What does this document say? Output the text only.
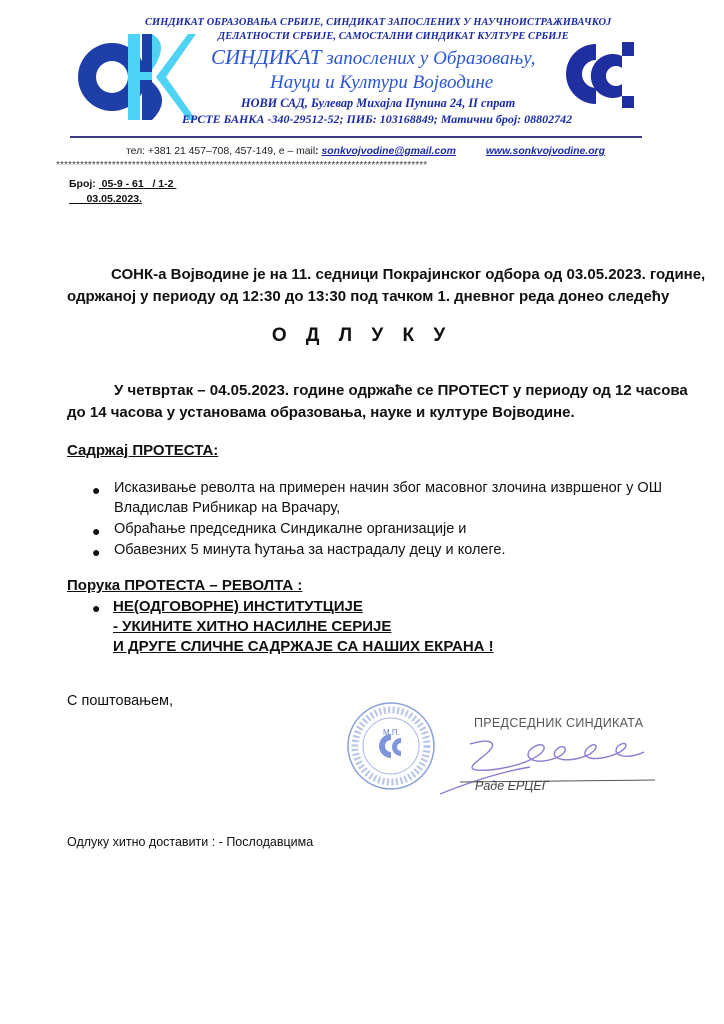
СИНДИКАТ ОБРАЗОВАЊА СРБИЈЕ, СИНДИКАТ ЗАПОСЛЕНИХ У НАУЧНОИСТРАЖИВАЧКОЈ
ДЕЛАТНОСТИ СРБИЈЕ, САМОСТАЛНИ СИНДИКАТ КУЛТУРЕ СРБИЈЕ
СИНДИКАТ запослених у Образовању,
Науци и Култури Војводине
НОВИ САД, Булевар Михајла Пупина 24, II спрат
ЕРСТЕ БАНКА -340-29512-52; ПИБ: 103168849; Матични број: 08802742
тел: +381 21 457–708, 457-149, е – mail: sonkvojvodine@gmail.com	www.sonkvojvodine.org
*********************************************************************************************
Број: 05-9 - 61 / 1-2
03.05.2023.
СОНК-а Војводине је на 11. седници Покрајинског одбора од 03.05.2023. године,
одржаној у периоду од 12:30 до 13:30 под тачком 1. дневног реда донео следећу
О Д Л У К У
У четвртак – 04.05.2023. године одржаће се ПРОТЕСТ у периоду од 12 часова
до 14 часова у установама образовања, науке и културе Војводине.
Садржај ПРОТЕСТА:
● Исказивање револта на примерен начин због масовног злочина извршеног у ОШ
Владислав Рибникар на Врачару,
● Обраћање председника Синдикалне организације и
● Обавезних 5 минута ћутања за настрадалу децу и колеге.
Порука ПРОТЕСТА – РЕВОЛТА :
● НЕ(ОДГОВОРНЕ) ИНСТИТУТЦИЈЕ
- УКИНИТЕ ХИТНО НАСИЛНЕ СЕРИЈЕ
И ДРУГЕ СЛИЧНЕ САДРЖАЈЕ СА НАШИХ ЕКРАНА !
С поштовањем,
М.П.
ПРЕДСЕДНИК СИНДИКАТА
Раде ЕРЦЕГ
Одлуку хитно доставити : - Послодавцима
